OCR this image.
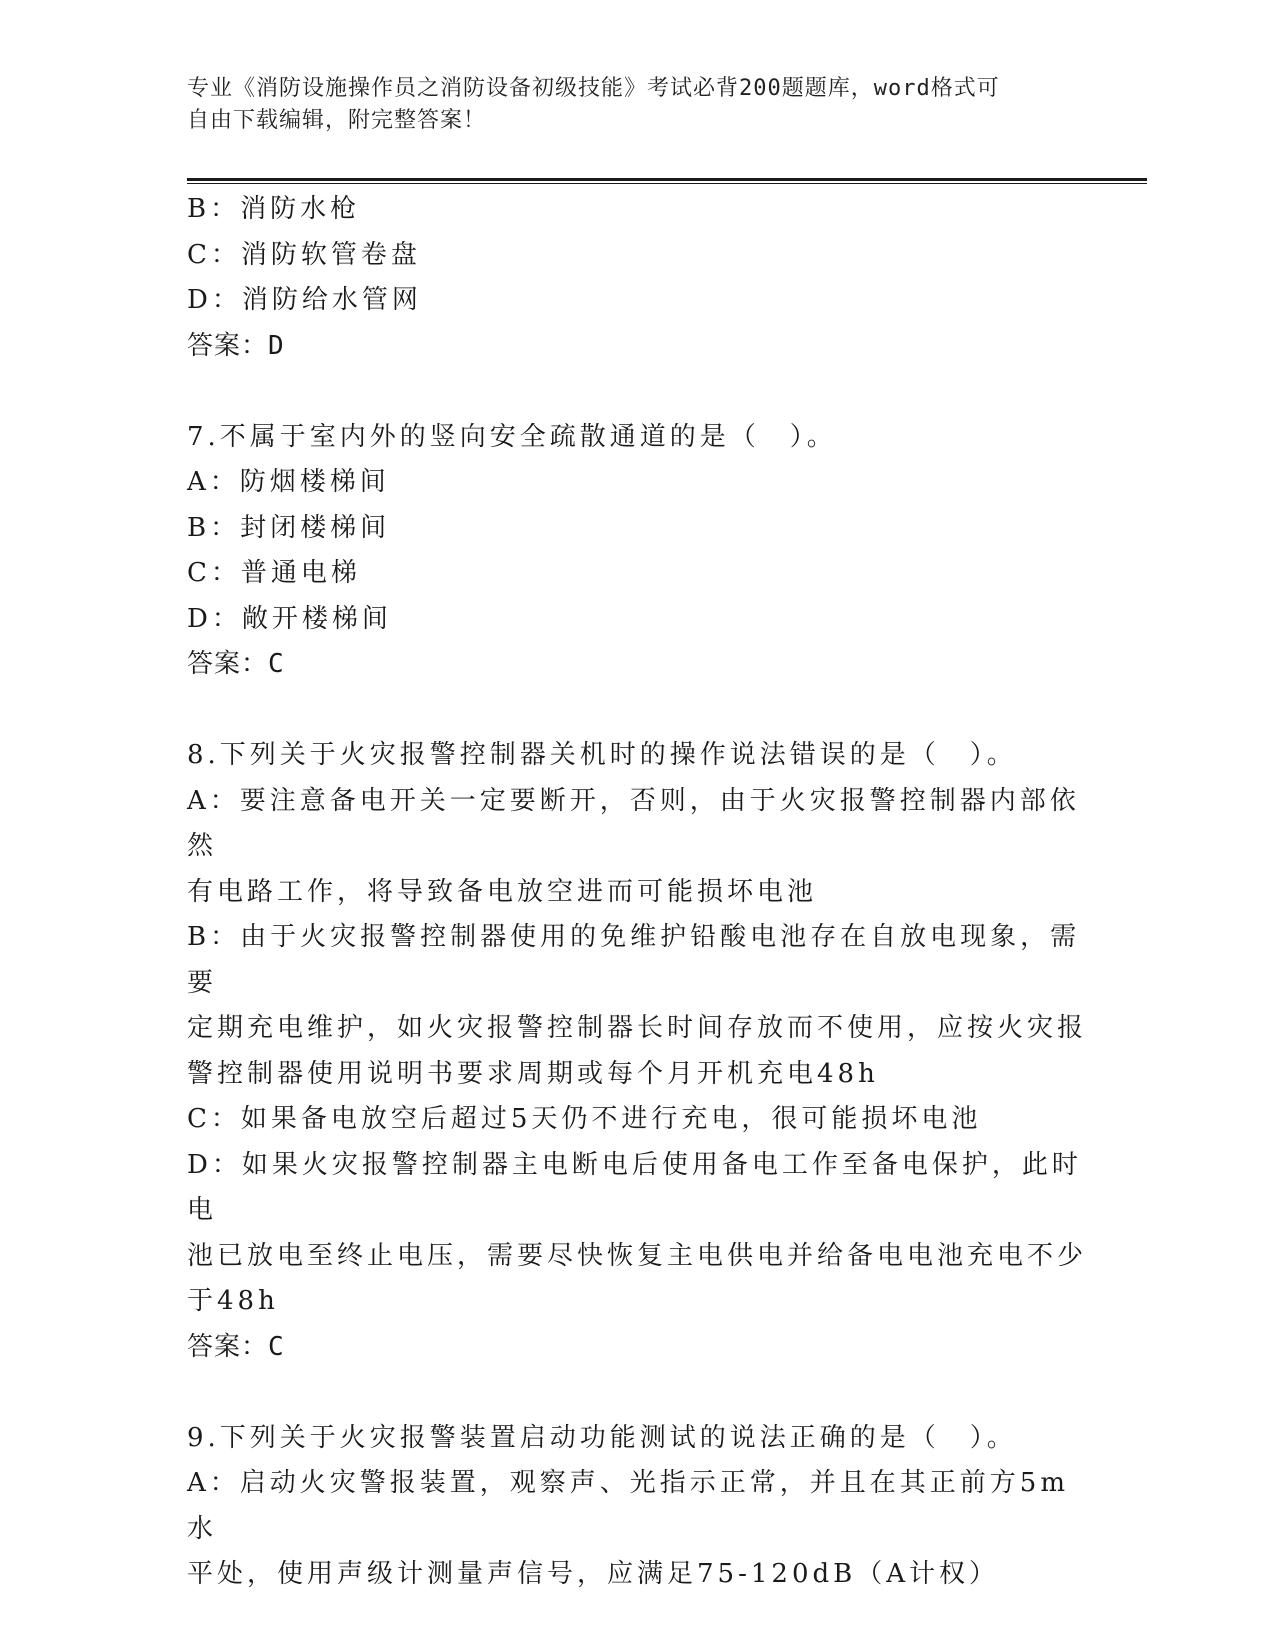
专业《消防设施操作员之消防设备初级技能》考试必背200题题库，word格式可
自由下载编辑，附完整答案！

B：消防水枪

C：消防软管卷盘

D：消防给水管网

答案：D

7.不属于室内外的竖向安全疏散通道的是（　）。

A：防烟楼梯间

B：封闭楼梯间

C：普通电梯

D：敞开楼梯间

答案：C

8.下列关于火灾报警控制器关机时的操作说法错误的是（　）。

A：要注意备电开关一定要断开，否则，由于火灾报警控制器内部依然

有电路工作，将导致备电放空进而可能损坏电池

B：由于火灾报警控制器使用的免维护铅酸电池存在自放电现象，需要

定期充电维护，如火灾报警控制器长时间存放而不使用，应按火灾报

警控制器使用说明书要求周期或每个月开机充电48h

C：如果备电放空后超过5天仍不进行充电，很可能损坏电池

D：如果火灾报警控制器主电断电后使用备电工作至备电保护，此时电

池已放电至终止电压，需要尽快恢复主电供电并给备电电池充电不少

于48h

答案：C

9.下列关于火灾报警装置启动功能测试的说法正确的是（　）。

A：启动火灾警报装置，观察声、光指示正常，并且在其正前方5m水

平处，使用声级计测量声信号，应满足75-120dB（A计权）
